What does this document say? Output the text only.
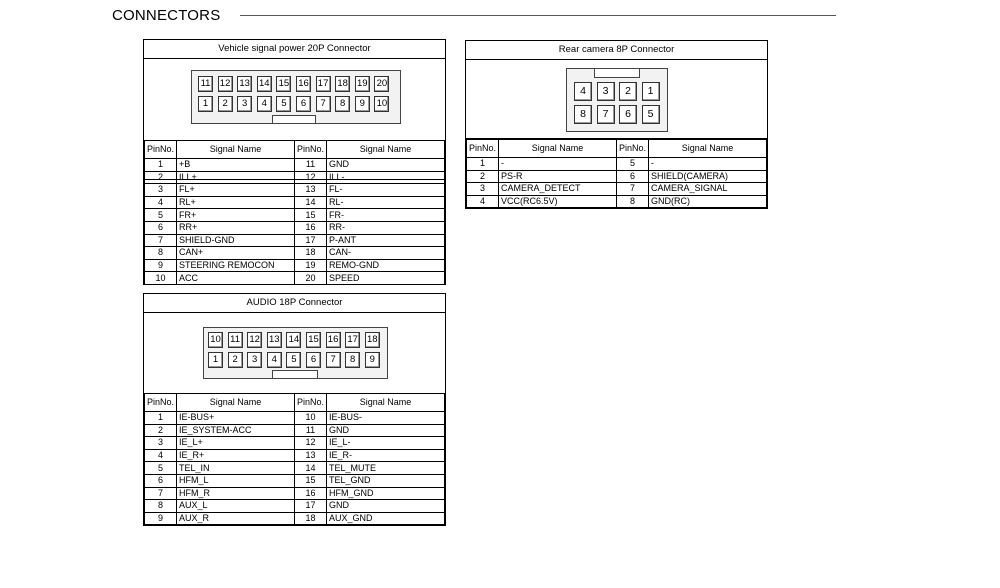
CONNECTORS
Vehicle signal power 20P Connector
11 12 13 14 15 16 17 18 19 20
1	2	3	4	5	6	7	8	9	10
PinNo.	Signal Name	PinNo.	Signal Name
1	+B	11	GND
2	ILL+	12	ILL-
3	FL+	13	FL-
4	RL+	14	RL-
5	FR+	15	FR-
6	RR+	16	RR-
7	SHIELD-GND	17	P-ANT
8	CAN+	18	CAN-
9	STEERING REMOCON	19	REMO-GND
10	ACC	20	SPEED
Rear camera 8P Connector
4	3	2	1
8	7	6	5
PinNo.	Signal Name	PinNo.	Signal Name
1	-	5	-
2	PS-R	6	SHIELD(CAMERA)
3	CAMERA_DETECT	7	CAMERA_SIGNAL
4	VCC(RC6.5V)	8	GND(RC)
AUDIO 18P Connector
10 11 12 13 14 15 16 17 18
1	2	3	4	5	6	7	8	9
PinNo.	Signal Name	PinNo.	Signal Name
1	IE-BUS+	10	IE-BUS-
2	IE_SYSTEM-ACC	11	GND
3	IE_L+	12	IE_L-
4	IE_R+	13	IE_R-
5	TEL_IN	14	TEL_MUTE
6	HFM_L	15	TEL_GND
7	HFM_R	16	HFM_GND
8	AUX_L	17	GND
9	AUX_R	18	AUX_GND
